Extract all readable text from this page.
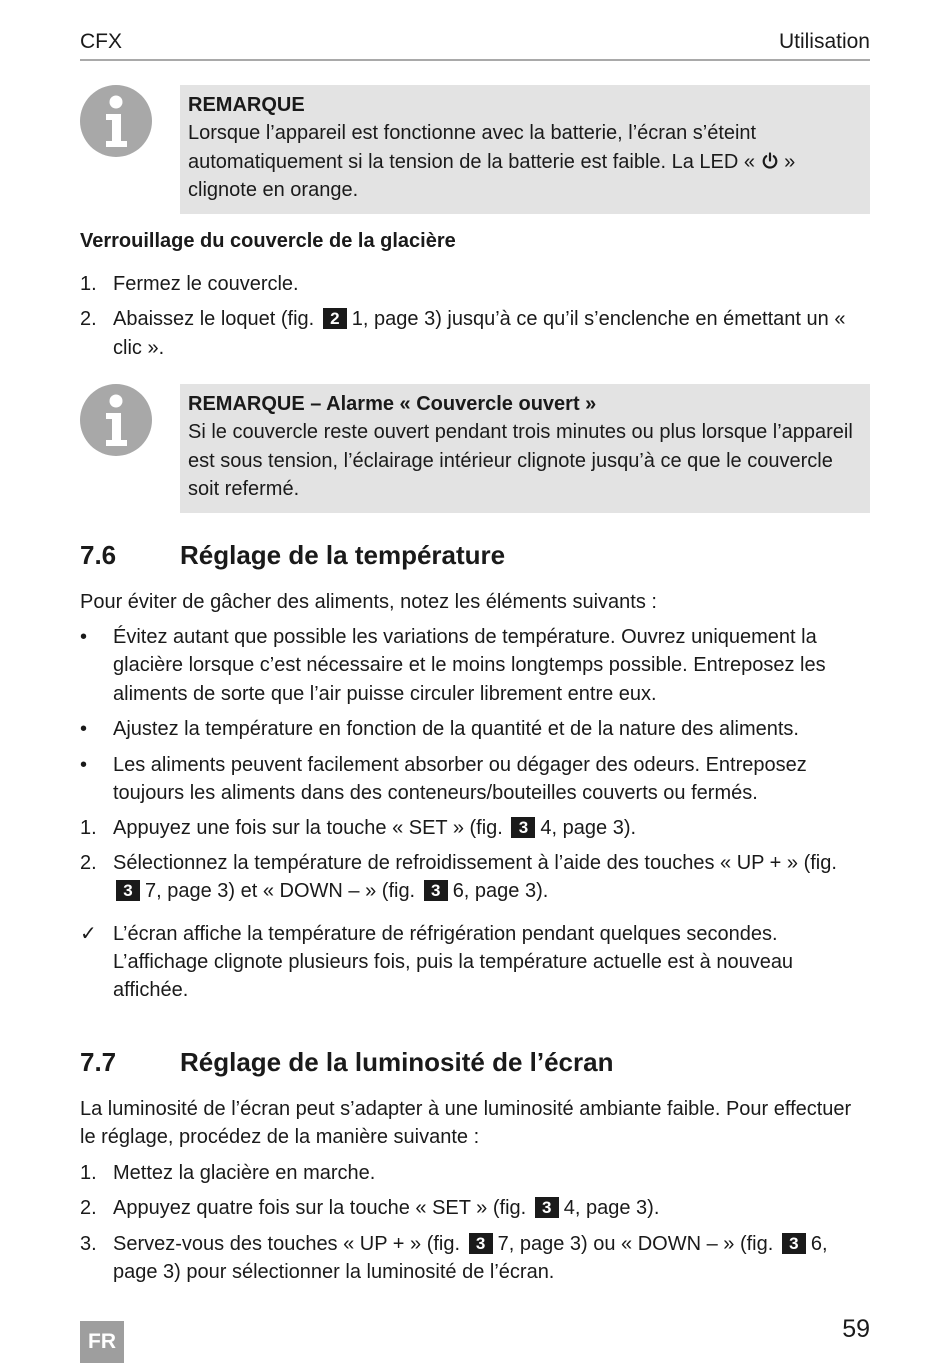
CFX	Utilisation
REMARQUE
Lorsque l’appareil est fonctionne avec la batterie, l’écran s’éteint automatiquement si la tension de la batterie est faible. La LED «  » clignote en orange.
Verrouillage du couvercle de la glacière
1. Fermez le couvercle.
2. Abaissez le loquet (fig. 2 1, page 3) jusqu’à ce qu’il s’enclenche en émettant un « clic ».
REMARQUE – Alarme « Couvercle ouvert »
Si le couvercle reste ouvert pendant trois minutes ou plus lorsque l’appareil est sous tension, l’éclairage intérieur clignote jusqu’à ce que le couvercle soit refermé.
7.6 Réglage de la température

Pour éviter de gâcher des aliments, notez les éléments suivants :

• Évitez autant que possible les variations de température. Ouvrez uniquement la glacière lorsque c’est nécessaire et le moins longtemps possible. Entreposez les aliments de sorte que l’air puisse circuler librement entre eux.
• Ajustez la température en fonction de la quantité et de la nature des aliments.
• Les aliments peuvent facilement absorber ou dégager des odeurs. Entreposez toujours les aliments dans des conteneurs/bouteilles couverts ou fermés.
1. Appuyez une fois sur la touche « SET » (fig. 3 4, page 3).
2. Sélectionnez la température de refroidissement à l’aide des touches « UP + » (fig. 3 7, page 3) et « DOWN – » (fig. 3 6, page 3).
✓ L’écran affiche la température de réfrigération pendant quelques secondes. L’affichage clignote plusieurs fois, puis la température actuelle est à nouveau affichée.
7.7 Réglage de la luminosité de l’écran

La luminosité de l’écran peut s’adapter à une luminosité ambiante faible. Pour effectuer le réglage, procédez de la manière suivante :

1. Mettez la glacière en marche.
2. Appuyez quatre fois sur la touche « SET » (fig. 3 4, page 3).
3. Servez-vous des touches « UP + » (fig. 3 7, page 3) ou « DOWN – » (fig. 3 6, page 3) pour sélectionner la luminosité de l’écran.
FR	59
